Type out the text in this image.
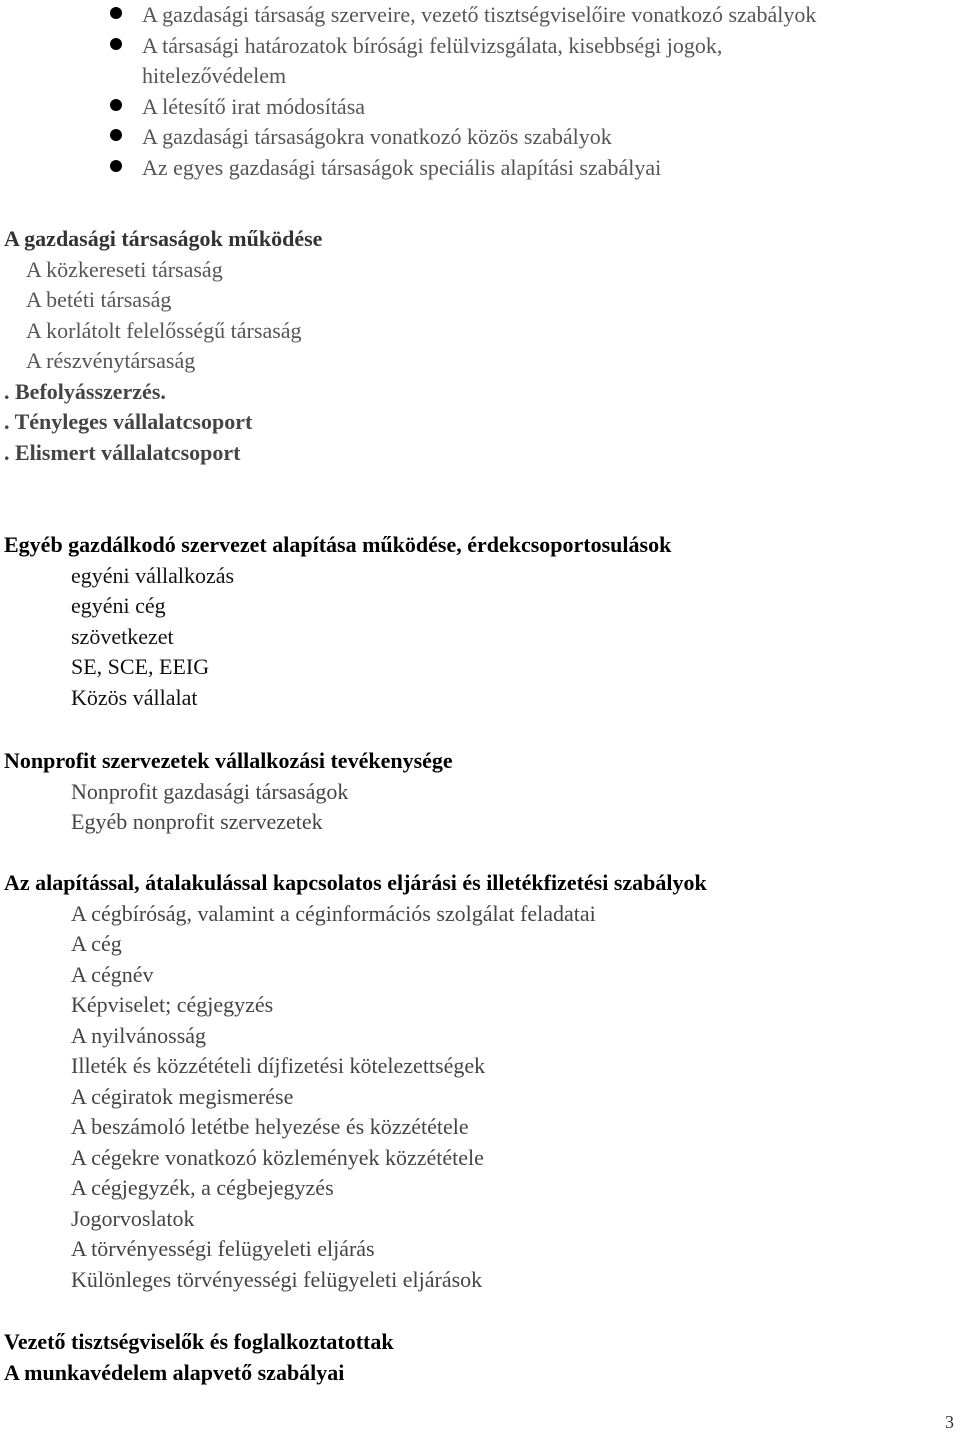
A gazdasági társaság szerveire, vezető tisztségviselőire vonatkozó szabályok
A társasági határozatok bírósági felülvizsgálata, kisebbségi jogok,
hitelezővédelem
A létesítő irat módosítása
A gazdasági társaságokra vonatkozó közös szabályok
Az egyes gazdasági társaságok speciális alapítási szabályai
A gazdasági társaságok működése
A közkereseti társaság
A betéti társaság
A korlátolt felelősségű társaság
A részvénytársaság
. Befolyásszerzés.
. Tényleges vállalatcsoport
. Elismert vállalatcsoport
Egyéb gazdálkodó szervezet alapítása működése, érdekcsoportosulások
egyéni vállalkozás
egyéni cég
szövetkezet
SE, SCE, EEIG
Közös vállalat
Nonprofit szervezetek vállalkozási tevékenysége
Nonprofit gazdasági társaságok
Egyéb nonprofit szervezetek
Az alapítással, átalakulással kapcsolatos eljárási és illetékfizetési szabályok
A cégbíróság, valamint a céginformációs szolgálat feladatai
A cég
A cégnév
Képviselet; cégjegyzés
A nyilvánosság
Illeték és közzétételi díjfizetési kötelezettségek
A cégiratok megismerése
A beszámoló letétbe helyezése és közzététele
A cégekre vonatkozó közlemények közzététele
A cégjegyzék, a cégbejegyzés
Jogorvoslatok
A törvényességi felügyeleti eljárás
Különleges törvényességi felügyeleti eljárások
Vezető tisztségviselők és foglalkoztatottak
A munkavédelem alapvető szabályai
3
